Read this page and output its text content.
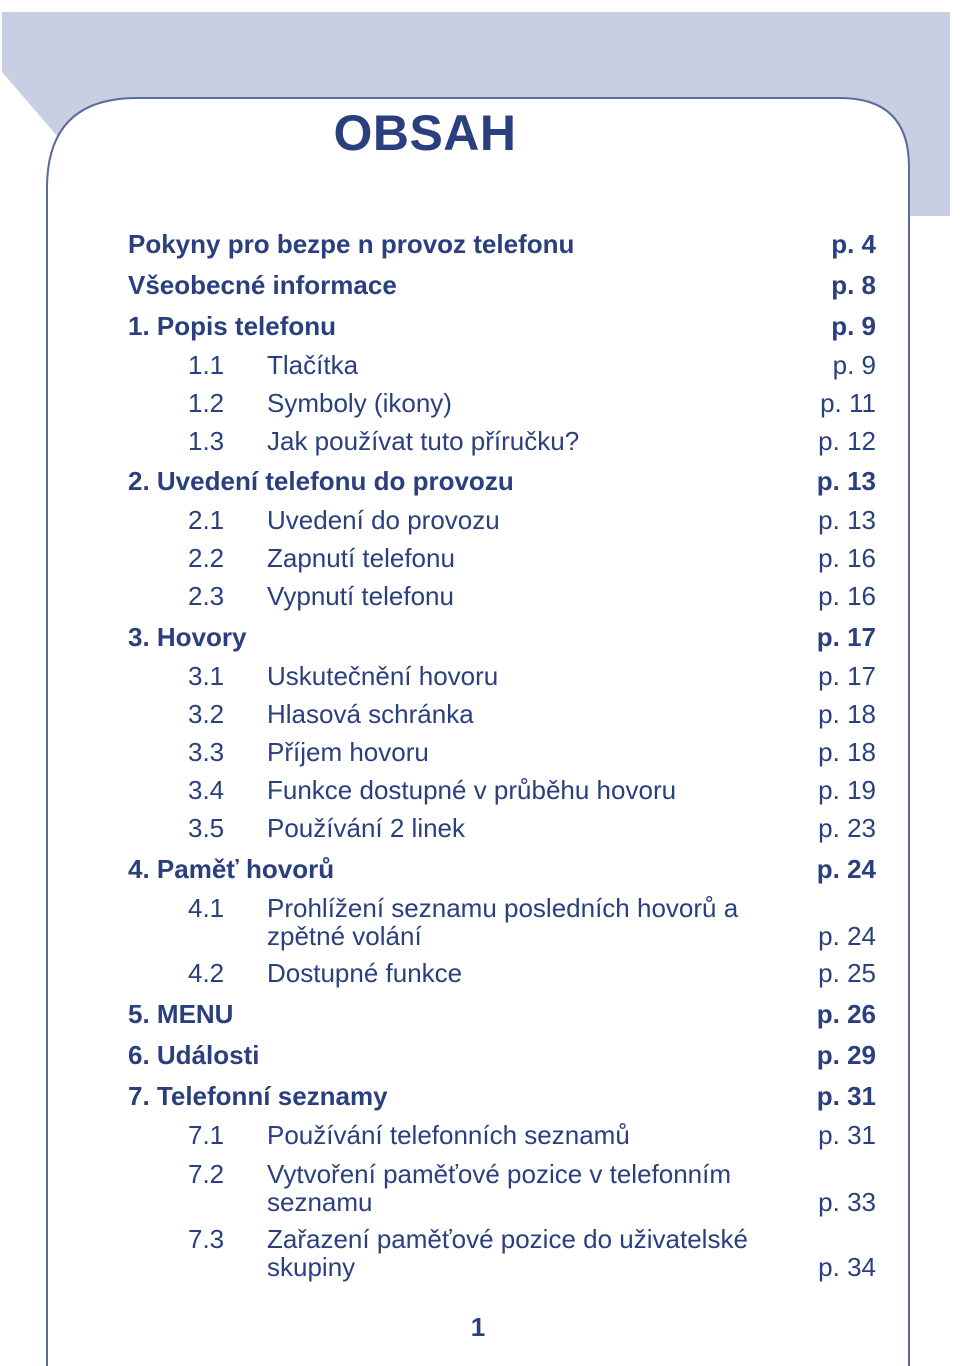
OBSAH
Pokyny pro bezpe n provoz telefonu	p. 4
Všeobecné informace	p. 8
1. Popis telefonu	p. 9
1.1 Tlačítka	p. 9
1.2 Symboly (ikony)	p. 11
1.3 Jak používat tuto příručku?	p. 12
2. Uvedení telefonu do provozu	p. 13
2.1 Uvedení do provozu	p. 13
2.2 Zapnutí telefonu	p. 16
2.3 Vypnutí telefonu	p. 16
3. Hovory	p. 17
3.1 Uskutečnění hovoru	p. 17
3.2 Hlasová schránka	p. 18
3.3 Příjem hovoru	p. 18
3.4 Funkce dostupné v průběhu hovoru	p. 19
3.5 Používání 2 linek	p. 23
4. Paměť hovorů	p. 24
4.1 Prohlížení seznamu posledních hovorů a zpětné volání	p. 24
4.2 Dostupné funkce	p. 25
5. MENU	p. 26
6. Události	p. 29
7. Telefonní seznamy	p. 31
7.1 Používání telefonních seznamů	p. 31
7.2 Vytvoření paměťové pozice v telefonním seznamu	p. 33
7.3 Zařazení paměťové pozice do uživatelské skupiny	p. 34
1
